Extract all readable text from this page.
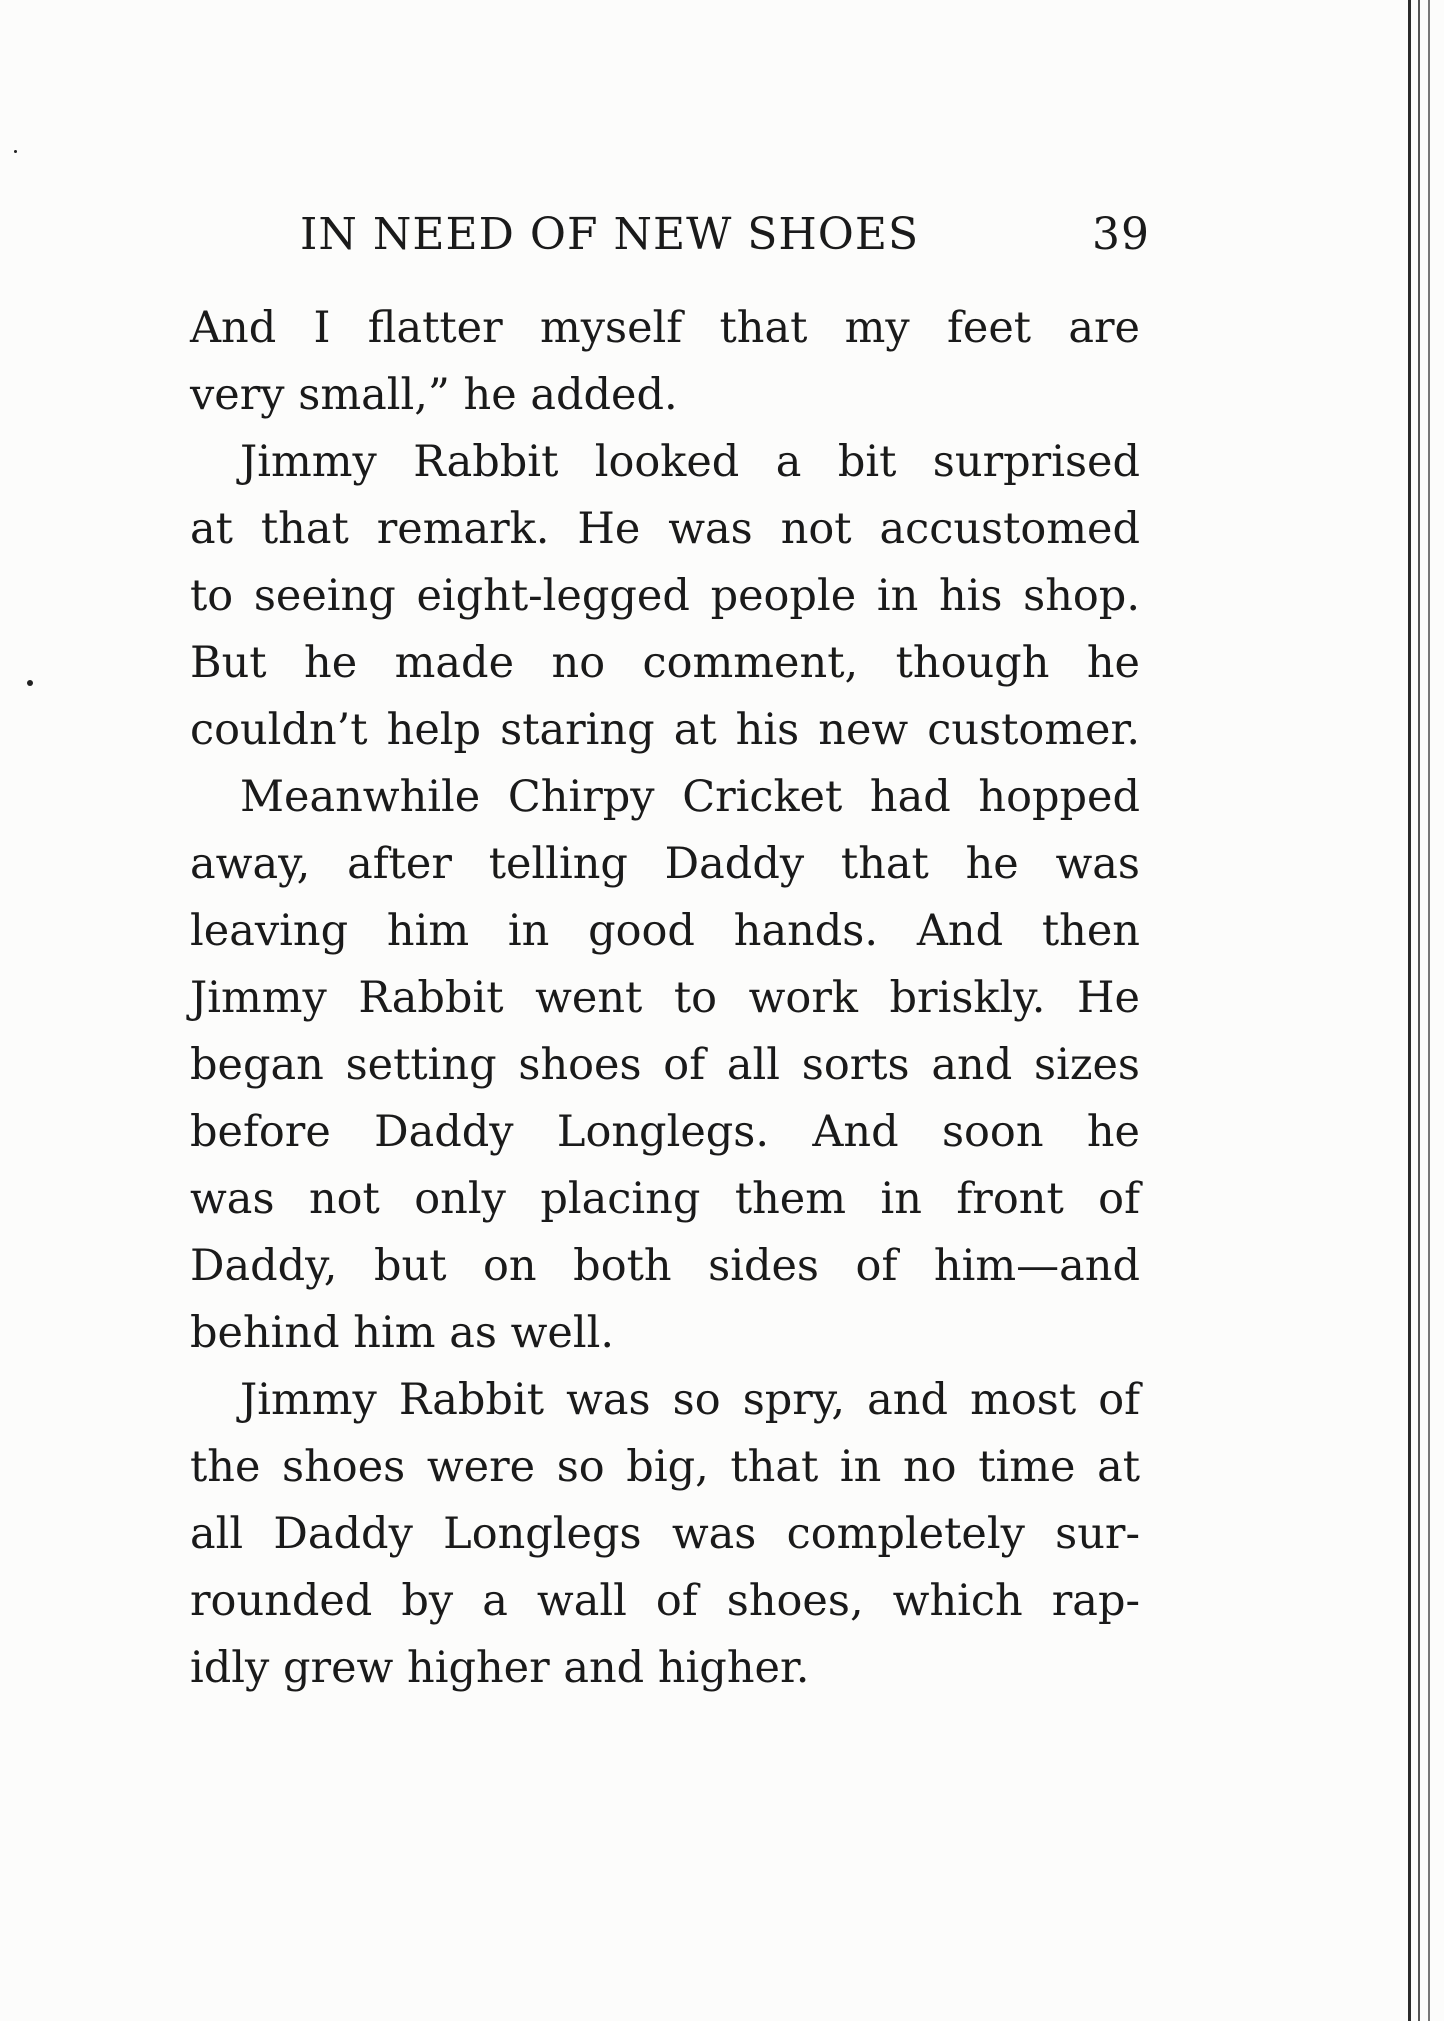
IN NEED OF NEW SHOES	39
And I flatter myself that my feet are
very small,” he added.
Jimmy Rabbit looked a bit surprised
at that remark. He was not accustomed
to seeing eight-legged people in his shop.
But he made no comment, though he
couldn’t help staring at his new customer.
Meanwhile Chirpy Cricket had hopped
away, after telling Daddy that he was
leaving him in good hands. And then
Jimmy Rabbit went to work briskly. He
began setting shoes of all sorts and sizes
before Daddy Longlegs. And soon he
was not only placing them in front of
Daddy, but on both sides of him—and
behind him as well.
Jimmy Rabbit was so spry, and most of
the shoes were so big, that in no time at
all Daddy Longlegs was completely sur-
rounded by a wall of shoes, which rap-
idly grew higher and higher.
